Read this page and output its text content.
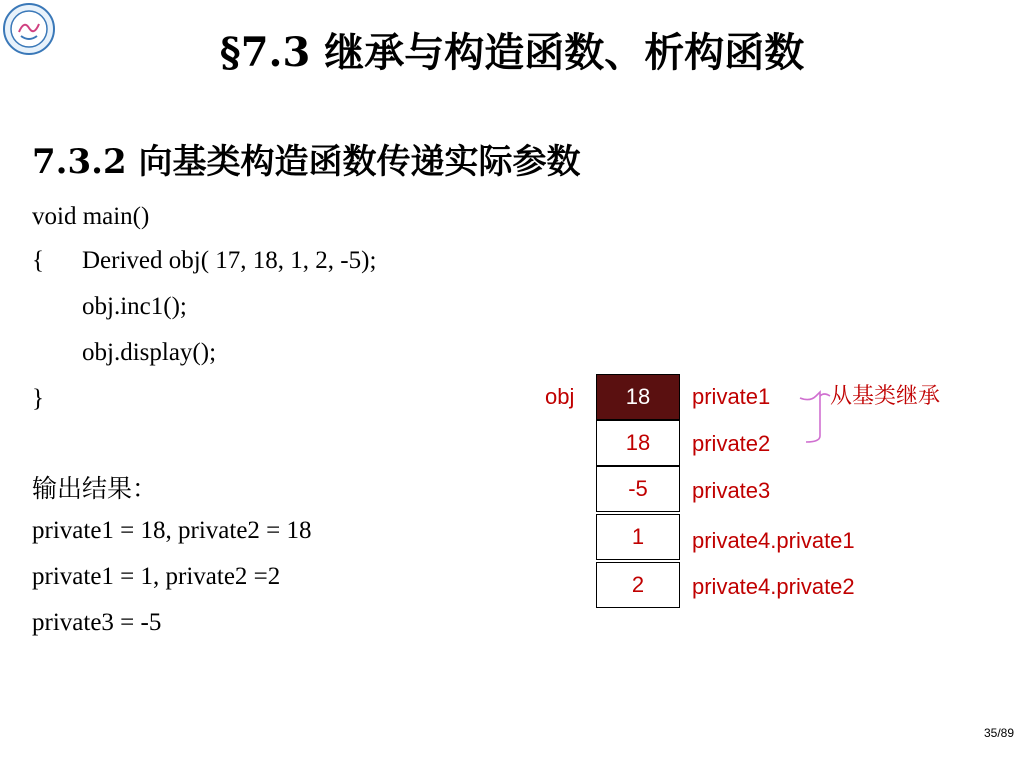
§7.3 继承与构造函数、析构函数
7.3.2 向基类构造函数传递实际参数
void main()
{ Derived obj( 17, 18, 1, 2, -5);
obj.inc1();
obj.display();
}
输出结果：
private1 = 18, private2 = 18
private1 = 1, private2 =2
private3 = -5
obj	18
18
-5
1
2
private1
private2
private3
private4.private1
private4.private2
从基类继承
35/89
